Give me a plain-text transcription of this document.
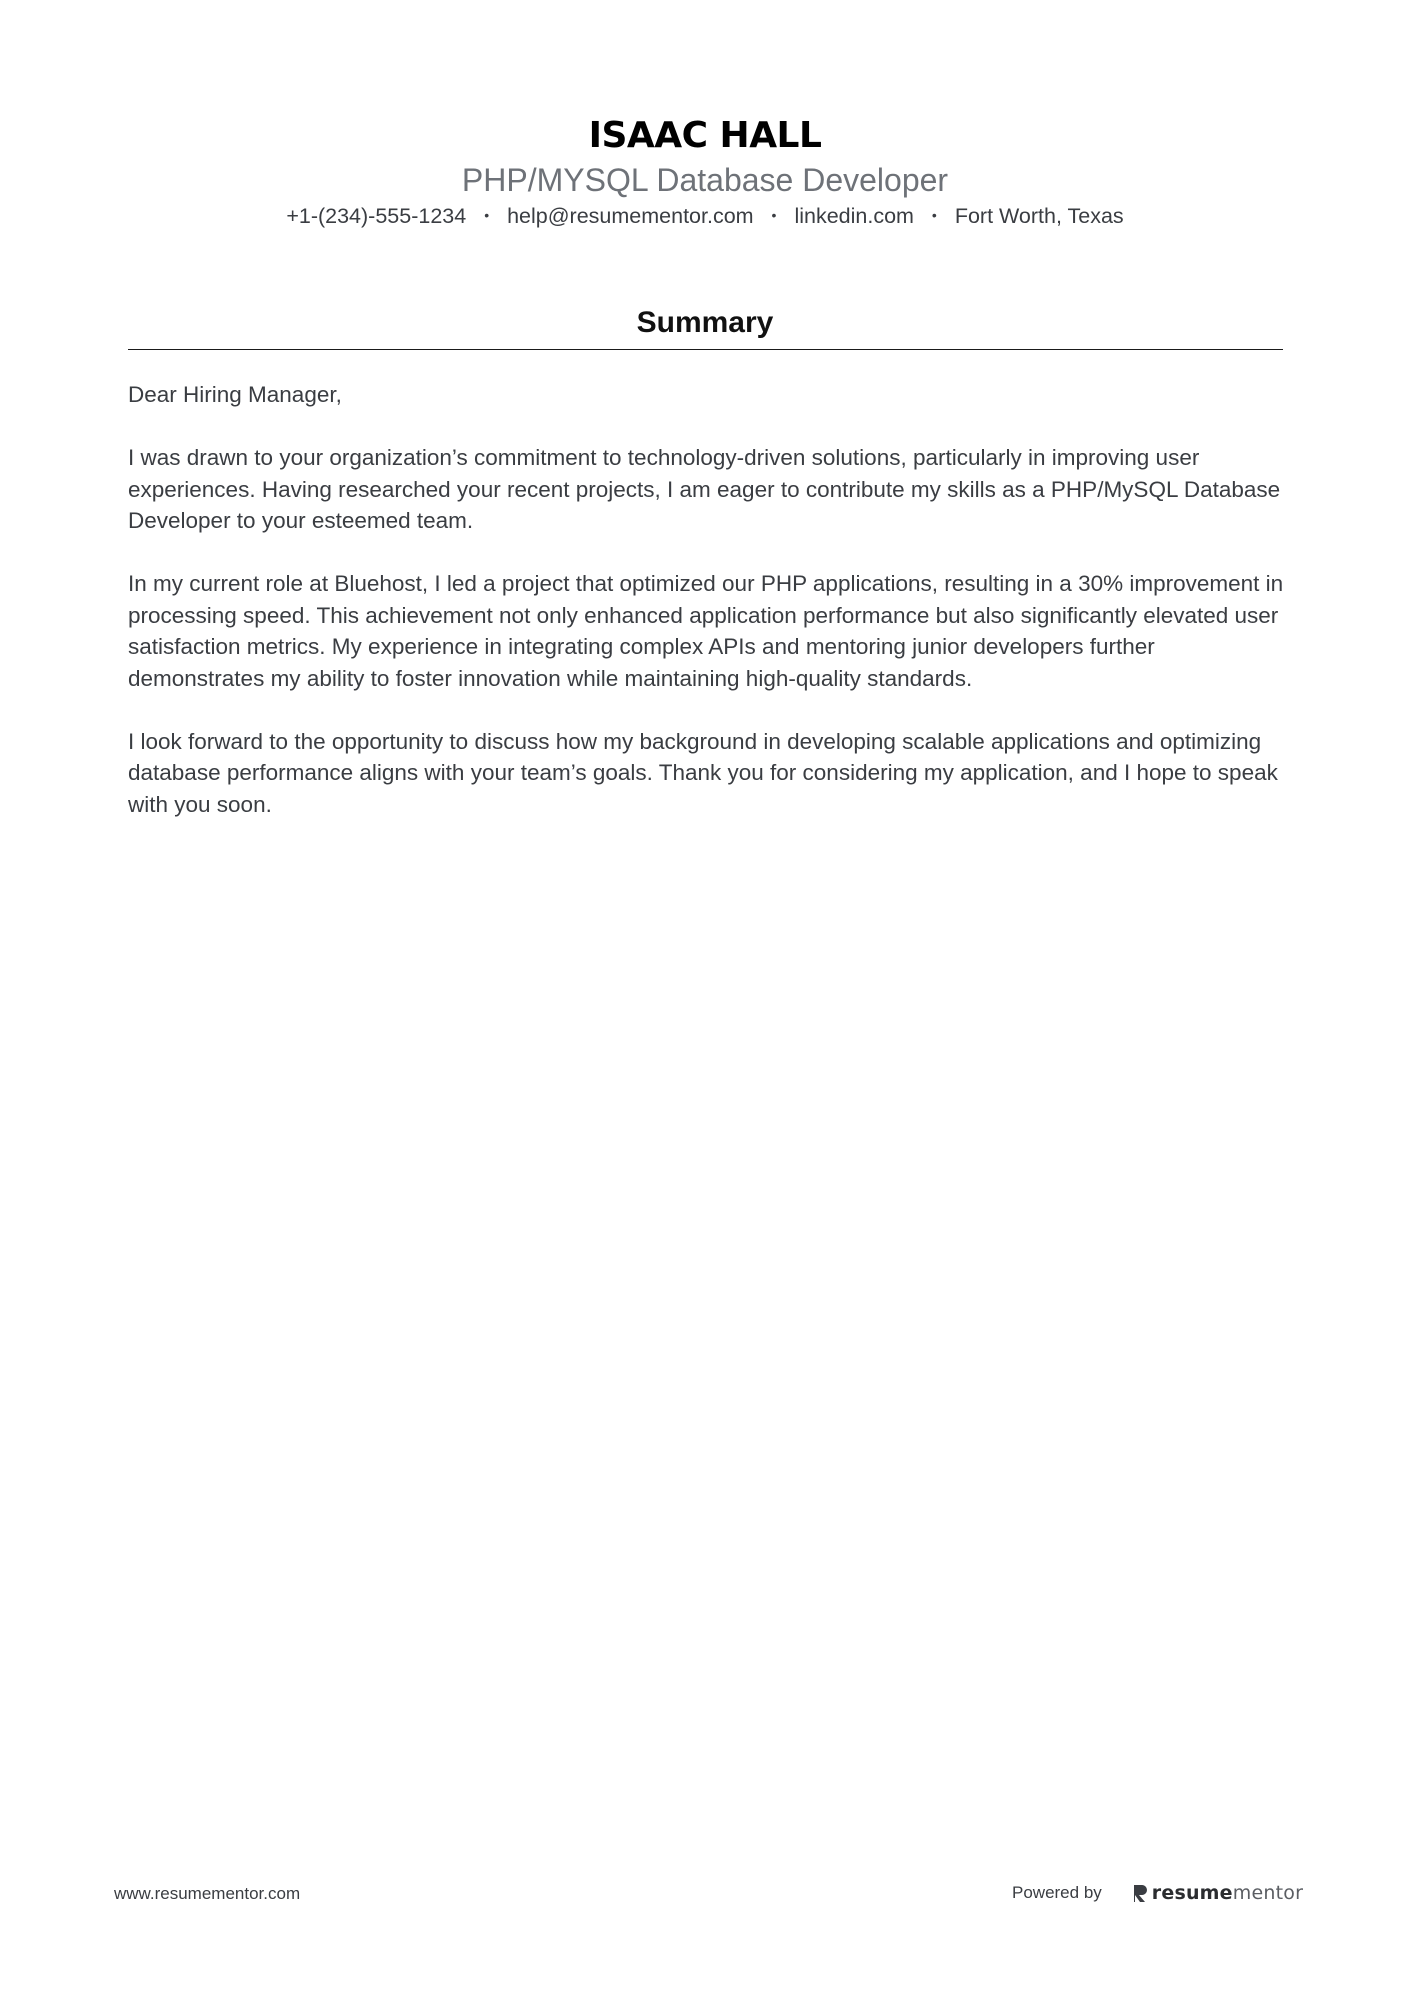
ISAAC HALL
PHP/MYSQL Database Developer
+1-(234)-555-1234 • help@resumementor.com • linkedin.com • Fort Worth, Texas
Summary

Dear Hiring Manager,

I was drawn to your organization’s commitment to technology-driven solutions, particularly in improving user experiences. Having researched your recent projects, I am eager to contribute my skills as a PHP/MySQL Database Developer to your esteemed team.

In my current role at Bluehost, I led a project that optimized our PHP applications, resulting in a 30% improvement in processing speed. This achievement not only enhanced application performance but also significantly elevated user satisfaction metrics. My experience in integrating complex APIs and mentoring junior developers further demonstrates my ability to foster innovation while maintaining high-quality standards.

I look forward to the opportunity to discuss how my background in developing scalable applications and optimizing database performance aligns with your team’s goals. Thank you for considering my application, and I hope to speak with you soon.

www.resumementor.com	Powered by	resumementor
